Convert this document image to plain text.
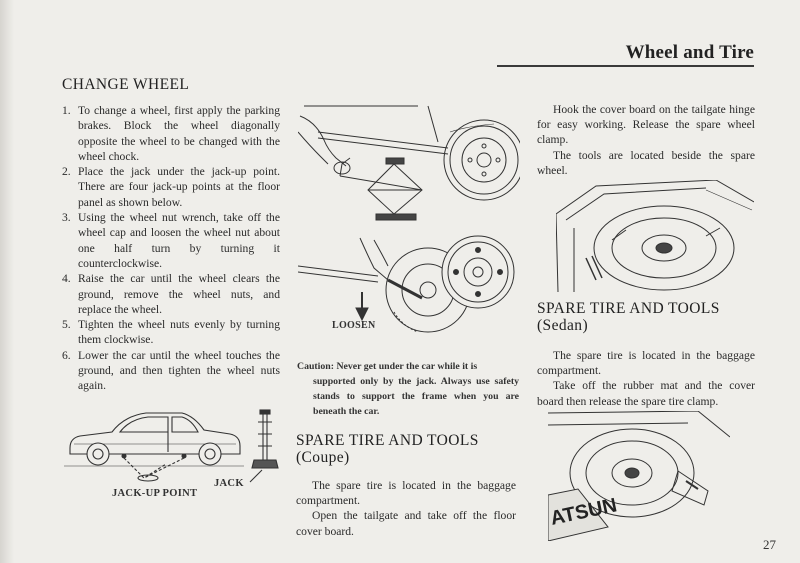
Wheel and Tire
CHANGE WHEEL
1. To change a wheel, first apply the parking brakes. Block the wheel diagonally opposite the wheel to be changed with the wheel chock.
2. Place the jack under the jack-up point. There are four jack-up points at the floor panel as shown below.
3. Using the wheel nut wrench, take off the wheel cap and loosen the wheel nut about one half turn by turning it counterclockwise.
4. Raise the car until the wheel clears the ground, remove the wheel nuts, and replace the wheel.
5. Tighten the wheel nuts evenly by turning them clockwise.
6. Lower the car until the wheel touches the ground, and then tighten the wheel nuts again.
JACK-UP POINT
JACK
LOOSEN
Caution: Never get under the car while it is
supported only by the jack. Always use safety stands to support the frame when you are beneath the car.
SPARE TIRE AND TOOLS
(Coupe)

The spare tire is located in the baggage compartment.

Open the tailgate and take off the floor cover board.

Hook the cover board on the tailgate hinge for easy working. Release the spare wheel clamp.

The tools are located beside the spare wheel.

SPARE TIRE AND TOOLS
(Sedan)

The spare tire is located in the baggage compartment.

Take off the rubber mat and the cover board then release the spare tire clamp.

ATSUN
27
